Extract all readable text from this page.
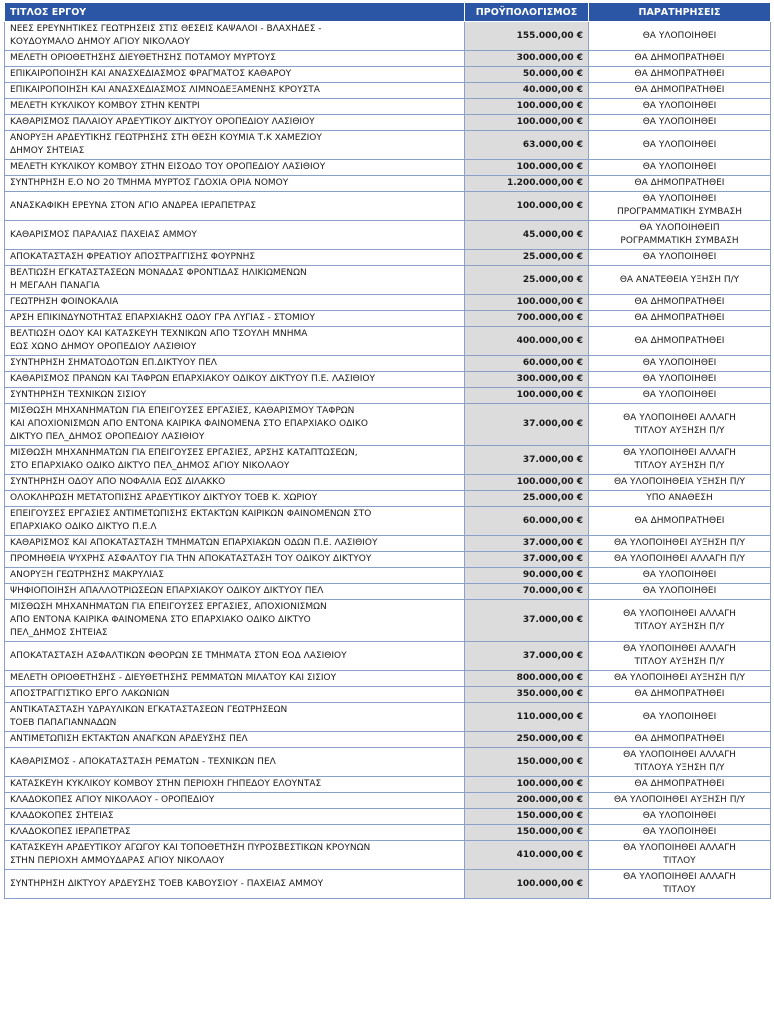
ΤΙΤΛΟΣ ΕΡΓΟΥ	ΠΡΟΫΠΟΛΟΓΙΣΜΟΣ	ΠΑΡΑΤΗΡΗΣΕΙΣ
ΝΕΕΣ ΕΡΕΥΝΗΤΙΚΕΣ ΓΕΩΤΡΗΣΕΙΣ ΣΤΙΣ ΘΕΣΕΙΣ ΚΑΨΑΛΟΙ - ΒΛΑΧΗΔΕΣ -
ΚΟΥΔΟΥΜΑΛΟ ΔΗΜΟΥ ΑΓΙΟΥ ΝΙΚΟΛΑΟΥ	155.000,00 €	ΘΑ ΥΛΟΠΟΙΗΘΕΙ
ΜΕΛΕΤΗ ΟΡΙΟΘΕΤΗΣΗΣ ΔΙΕΥΘΕΤΗΣΗΣ ΠΟΤΑΜΟΥ ΜΥΡΤΟΥΣ	300.000,00 €	ΘΑ ΔΗΜΟΠΡΑΤΗΘΕΙ
ΕΠΙΚΑΙΡΟΠΟΙΗΣΗ ΚΑΙ ΑΝΑΣΧΕΔΙΑΣΜΟΣ ΦΡΑΓΜΑΤΟΣ ΚΑΘΑΡΟΥ	50.000,00 €	ΘΑ ΔΗΜΟΠΡΑΤΗΘΕΙ
ΕΠΙΚΑΙΡΟΠΟΙΗΣΗ ΚΑΙ ΑΝΑΣΧΕΔΙΑΣΜΟΣ ΛΙΜΝΟΔΕΞΑΜΕΝΗΣ ΚΡΟΥΣΤΑ	40.000,00 €	ΘΑ ΔΗΜΟΠΡΑΤΗΘΕΙ
ΜΕΛΕΤΗ ΚΥΚΛΙΚΟΥ ΚΟΜΒΟΥ ΣΤΗΝ ΚΕΝΤΡΙ	100.000,00 €	ΘΑ ΥΛΟΠΟΙΗΘΕΙ
ΚΑΘΑΡΙΣΜΟΣ ΠΑΛΑΙΟΥ ΑΡΔΕΥΤΙΚΟΥ ΔΙΚΤΥΟΥ ΟΡΟΠΕΔΙΟΥ ΛΑΣΙΘΙΟΥ	100.000,00 €	ΘΑ ΥΛΟΠΟΙΗΘΕΙ
ΑΝΟΡΥΞΗ ΑΡΔΕΥΤΙΚΗΣ ΓΕΩΤΡΗΣΗΣ ΣΤΗ ΘΕΣΗ ΚΟΥΜΙΑ Τ.Κ ΧΑΜΕΖΙΟΥ
ΔΗΜΟΥ ΣΗΤΕΙΑΣ	63.000,00 €	ΘΑ ΥΛΟΠΟΙΗΘΕΙ
ΜΕΛΕΤΗ ΚΥΚΛΙΚΟΥ ΚΟΜΒΟΥ ΣΤΗΝ ΕΙΣΟΔΟ ΤΟΥ ΟΡΟΠΕΔΙΟΥ ΛΑΣΙΘΙΟΥ	100.000,00 €	ΘΑ ΥΛΟΠΟΙΗΘΕΙ
ΣΥΝΤΗΡΗΣΗ Ε.Ο ΝΟ 20 ΤΜΗΜΑ ΜΥΡΤΟΣ ΓΔΟΧΙΑ ΟΡΙΑ ΝΟΜΟΥ	1.200.000,00 €	ΘΑ ΔΗΜΟΠΡΑΤΗΘΕΙ
ΑΝΑΣΚΑΦΙΚΗ ΕΡΕΥΝΑ ΣΤΟΝ ΑΓΙΟ ΑΝΔΡΕΑ ΙΕΡΑΠΕΤΡΑΣ	100.000,00 €	ΘΑ ΥΛΟΠΟΙΗΘΕΙ
ΠΡΟΓΡΑΜΜΑΤΙΚΗ ΣΥΜΒΑΣΗ
ΚΑΘΑΡΙΣΜΟΣ ΠΑΡΑΛΙΑΣ ΠΑΧΕΙΑΣ ΑΜΜΟΥ	45.000,00 €	ΘΑ ΥΛΟΠΟΙΗΘΕΙΠ
ΡΟΓΡΑΜΜΑΤΙΚΗ ΣΥΜΒΑΣΗ
ΑΠΟΚΑΤΑΣΤΑΣΗ ΦΡΕΑΤΙΟΥ ΑΠΟΣΤΡΑΓΓΙΣΗΣ ΦΟΥΡΝΗΣ	25.000,00 €	ΘΑ ΥΛΟΠΟΙΗΘΕΙ
ΒΕΛΤΙΩΣΗ ΕΓΚΑΤΑΣΤΑΣΕΩΝ ΜΟΝΑΔΑΣ ΦΡΟΝΤΙΔΑΣ ΗΛΙΚΙΩΜΕΝΩΝ
Η ΜΕΓΑΛΗ ΠΑΝΑΓΙΑ	25.000,00 €	ΘΑ ΑΝΑΤΕΘΕΙΑ ΥΞΗΣΗ Π/Υ
ΓΕΩΤΡΗΣΗ ΦΟΙΝΟΚΑΛΙΑ	100.000,00 €	ΘΑ ΔΗΜΟΠΡΑΤΗΘΕΙ
ΑΡΣΗ ΕΠΙΚΙΝΔΥΝΟΤΗΤΑΣ ΕΠΑΡΧΙΑΚΗΣ ΟΔΟΥ ΓΡΑ ΛΥΓΙΑΣ - ΣΤΟΜΙΟΥ	700.000,00 €	ΘΑ ΔΗΜΟΠΡΑΤΗΘΕΙ
ΒΕΛΤΙΩΣΗ ΟΔΟΥ ΚΑΙ ΚΑΤΑΣΚΕΥΗ ΤΕΧΝΙΚΩΝ ΑΠΟ ΤΣΟΥΛΗ ΜΝΗΜΑ
ΕΩΣ ΧΩΝΟ ΔΗΜΟΥ ΟΡΟΠΕΔΙΟΥ ΛΑΣΙΘΙΟΥ	400.000,00 €	ΘΑ ΔΗΜΟΠΡΑΤΗΘΕΙ
ΣΥΝΤΗΡΗΣΗ ΣΗΜΑΤΟΔΟΤΩΝ ΕΠ.ΔΙΚΤΥΟΥ ΠΕΛ	60.000,00 €	ΘΑ ΥΛΟΠΟΙΗΘΕΙ
ΚΑΘΑΡΙΣΜΟΣ ΠΡΑΝΩΝ ΚΑΙ ΤΑΦΡΩΝ ΕΠΑΡΧΙΑΚΟΥ ΟΔΙΚΟΥ ΔΙΚΤΥΟΥ Π.Ε. ΛΑΣΙΘΙΟΥ	300.000,00 €	ΘΑ ΥΛΟΠΟΙΗΘΕΙ
ΣΥΝΤΗΡΗΣΗ ΤΕΧΝΙΚΩΝ ΣΙΣΙΟΥ	100.000,00 €	ΘΑ ΥΛΟΠΟΙΗΘΕΙ
ΜΙΣΘΩΣΗ ΜΗΧΑΝΗΜΑΤΩΝ ΓΙΑ ΕΠΕΙΓΟΥΣΕΣ ΕΡΓΑΣΙΕΣ, ΚΑΘΑΡΙΣΜΟΥ ΤΑΦΡΩΝ
ΚΑΙ ΑΠΟΧΙΟΝΙΣΜΩΝ ΑΠΟ ΕΝΤΟΝΑ ΚΑΙΡΙΚΑ ΦΑΙΝΟΜΕΝΑ ΣΤΟ ΕΠΑΡΧΙΑΚΟ ΟΔΙΚΟ
ΔΙΚΤΥΟ ΠΕΛ_ΔΗΜΟΣ ΟΡΟΠΕΔΙΟΥ ΛΑΣΙΘΙΟΥ	37.000,00 €	ΘΑ ΥΛΟΠΟΙΗΘΕΙ ΑΛΛΑΓΗ
ΤΙΤΛΟΥ ΑΥΞΗΣΗ Π/Υ
ΜΙΣΘΩΣΗ ΜΗΧΑΝΗΜΑΤΩΝ ΓΙΑ ΕΠΕΙΓΟΥΣΕΣ ΕΡΓΑΣΙΕΣ, ΑΡΣΗΣ ΚΑΤΑΠΤΩΣΕΩΝ,
ΣΤΟ ΕΠΑΡΧΙΑΚΟ ΟΔΙΚΟ ΔΙΚΤΥΟ ΠΕΛ_ΔΗΜΟΣ ΑΓΙΟΥ ΝΙΚΟΛΑΟΥ	37.000,00 €	ΘΑ ΥΛΟΠΟΙΗΘΕΙ ΑΛΛΑΓΗ
ΤΙΤΛΟΥ ΑΥΞΗΣΗ Π/Υ
ΣΥΝΤΗΡΗΣΗ ΟΔΟΥ ΑΠΟ ΝΟΦΑΛΙΑ ΕΩΣ ΔΙΛΑΚΚΟ	100.000,00 €	ΘΑ ΥΛΟΠΟΙΗΘΕΙΑ ΥΞΗΣΗ Π/Υ
ΟΛΟΚΛΗΡΩΣΗ ΜΕΤΑΤΟΠΙΣΗΣ ΑΡΔΕΥΤΙΚΟΥ ΔΙΚΤΥΟΥ ΤΟΕΒ Κ. ΧΩΡΙΟΥ	25.000,00 €	ΥΠΟ ΑΝΑΘΕΣΗ
ΕΠΕΙΓΟΥΣΕΣ ΕΡΓΑΣΙΕΣ ΑΝΤΙΜΕΤΩΠΙΣΗΣ ΕΚΤΑΚΤΩΝ ΚΑΙΡΙΚΩΝ ΦΑΙΝΟΜΕΝΩΝ ΣΤΟ
ΕΠΑΡΧΙΑΚΟ ΟΔΙΚΟ ΔΙΚΤΥΟ Π.Ε.Λ	60.000,00 €	ΘΑ ΔΗΜΟΠΡΑΤΗΘΕΙ
ΚΑΘΑΡΙΣΜΟΣ ΚΑΙ ΑΠΟΚΑΤΑΣΤΑΣΗ ΤΜΗΜΑΤΩΝ ΕΠΑΡΧΙΑΚΩΝ ΟΔΩΝ Π.Ε. ΛΑΣΙΘΙΟΥ	37.000,00 €	ΘΑ ΥΛΟΠΟΙΗΘΕΙ ΑΥΞΗΣΗ Π/Υ
ΠΡΟΜΗΘΕΙΑ ΨΥΧΡΗΣ ΑΣΦΑΛΤΟΥ ΓΙΑ ΤΗΝ ΑΠΟΚΑΤΑΣΤΑΣΗ ΤΟΥ ΟΔΙΚΟΥ ΔΙΚΤΥΟΥ	37.000,00 €	ΘΑ ΥΛΟΠΟΙΗΘΕΙ ΑΛΛΑΓΗ Π/Υ
ΑΝΟΡΥΞΗ ΓΕΩΤΡΗΣΗΣ ΜΑΚΡΥΛΙΑΣ	90.000,00 €	ΘΑ ΥΛΟΠΟΙΗΘΕΙ
ΨΗΦΙΟΠΟΙΗΣΗ ΑΠΑΛΛΟΤΡΙΩΣΕΩΝ ΕΠΑΡΧΙΑΚΟΥ ΟΔΙΚΟΥ ΔΙΚΤΥΟΥ ΠΕΛ	70.000,00 €	ΘΑ ΥΛΟΠΟΙΗΘΕΙ
ΜΙΣΘΩΣΗ ΜΗΧΑΝΗΜΑΤΩΝ ΓΙΑ ΕΠΕΙΓΟΥΣΕΣ ΕΡΓΑΣΙΕΣ, ΑΠΟΧΙΟΝΙΣΜΩΝ
ΑΠΟ ΕΝΤΟΝΑ ΚΑΙΡΙΚΑ ΦΑΙΝΟΜΕΝΑ ΣΤΟ ΕΠΑΡΧΙΑΚΟ ΟΔΙΚΟ ΔΙΚΤΥΟ
ΠΕΛ_ΔΗΜΟΣ ΣΗΤΕΙΑΣ	37.000,00 €	ΘΑ ΥΛΟΠΟΙΗΘΕΙ ΑΛΛΑΓΗ
ΤΙΤΛΟΥ ΑΥΞΗΣΗ Π/Υ
ΑΠΟΚΑΤΑΣΤΑΣΗ ΑΣΦΑΛΤΙΚΩΝ ΦΘΟΡΩΝ ΣΕ ΤΜΗΜΑΤΑ ΣΤΟΝ ΕΟΔ ΛΑΣΙΘΙΟΥ	37.000,00 €	ΘΑ ΥΛΟΠΟΙΗΘΕΙ ΑΛΛΑΓΗ
ΤΙΤΛΟΥ ΑΥΞΗΣΗ Π/Υ
ΜΕΛΕΤΗ ΟΡΙΟΘΕΤΗΣΗΣ - ΔΙΕΥΘΕΤΗΣΗΣ ΡΕΜΜΑΤΩΝ ΜΙΛΑΤΟΥ ΚΑΙ ΣΙΣΙΟΥ	800.000,00 €	ΘΑ ΥΛΟΠΟΙΗΘΕΙ ΑΥΞΗΣΗ Π/Υ
ΑΠΟΣΤΡΑΓΓΙΣΤΙΚΟ ΕΡΓΟ ΛΑΚΩΝΙΩΝ	350.000,00 €	ΘΑ ΔΗΜΟΠΡΑΤΗΘΕΙ
ΑΝΤΙΚΑΤΑΣΤΑΣΗ ΥΔΡΑΥΛΙΚΩΝ ΕΓΚΑΤΑΣΤΑΣΕΩΝ ΓΕΩΤΡΗΣΕΩΝ
ΤΟΕΒ ΠΑΠΑΓΙΑΝΝΑΔΩΝ	110.000,00 €	ΘΑ ΥΛΟΠΟΙΗΘΕΙ
ΑΝΤΙΜΕΤΩΠΙΣΗ ΕΚΤΑΚΤΩΝ ΑΝΑΓΚΩΝ ΑΡΔΕΥΣΗΣ ΠΕΛ	250.000,00 €	ΘΑ ΔΗΜΟΠΡΑΤΗΘΕΙ
ΚΑΘΑΡΙΣΜΟΣ - ΑΠΟΚΑΤΑΣΤΑΣΗ ΡΕΜΑΤΩΝ - ΤΕΧΝΙΚΩΝ ΠΕΛ	150.000,00 €	ΘΑ ΥΛΟΠΟΙΗΘΕΙ ΑΛΛΑΓΗ
ΤΙΤΛΟΥΑ ΥΞΗΣΗ Π/Υ
ΚΑΤΑΣΚΕΥΗ ΚΥΚΛΙΚΟΥ ΚΟΜΒΟΥ ΣΤΗΝ ΠΕΡΙΟΧΗ ΓΗΠΕΔΟΥ ΕΛΟΥΝΤΑΣ	100.000,00 €	ΘΑ ΔΗΜΟΠΡΑΤΗΘΕΙ
ΚΛΑΔΟΚΟΠΕΣ ΑΓΙΟΥ ΝΙΚΟΛΑΟΥ - ΟΡΟΠΕΔΙΟΥ	200.000,00 €	ΘΑ ΥΛΟΠΟΙΗΘΕΙ ΑΥΞΗΣΗ Π/Υ
ΚΛΑΔΟΚΟΠΕΣ ΣΗΤΕΙΑΣ	150.000,00 €	ΘΑ ΥΛΟΠΟΙΗΘΕΙ
ΚΛΑΔΟΚΟΠΕΣ ΙΕΡΑΠΕΤΡΑΣ	150.000,00 €	ΘΑ ΥΛΟΠΟΙΗΘΕΙ
ΚΑΤΑΣΚΕΥΗ ΑΡΔΕΥΤΙΚΟΥ ΑΓΩΓΟΥ ΚΑΙ ΤΟΠΟΘΕΤΗΣΗ ΠΥΡΟΣΒΕΣΤΙΚΩΝ ΚΡΟΥΝΩΝ
ΣΤΗΝ ΠΕΡΙΟΧΗ ΑΜΜΟΥΔΑΡΑΣ ΑΓΙΟΥ ΝΙΚΟΛΑΟΥ	410.000,00 €	ΘΑ ΥΛΟΠΟΙΗΘΕΙ ΑΛΛΑΓΗ
ΤΙΤΛΟΥ
ΣΥΝΤΗΡΗΣΗ ΔΙΚΤΥΟΥ ΑΡΔΕΥΣΗΣ ΤΟΕΒ ΚΑΒΟΥΣΙΟΥ - ΠΑΧΕΙΑΣ ΑΜΜΟΥ	100.000,00 €	ΘΑ ΥΛΟΠΟΙΗΘΕΙ ΑΛΛΑΓΗ
ΤΙΤΛΟΥ
